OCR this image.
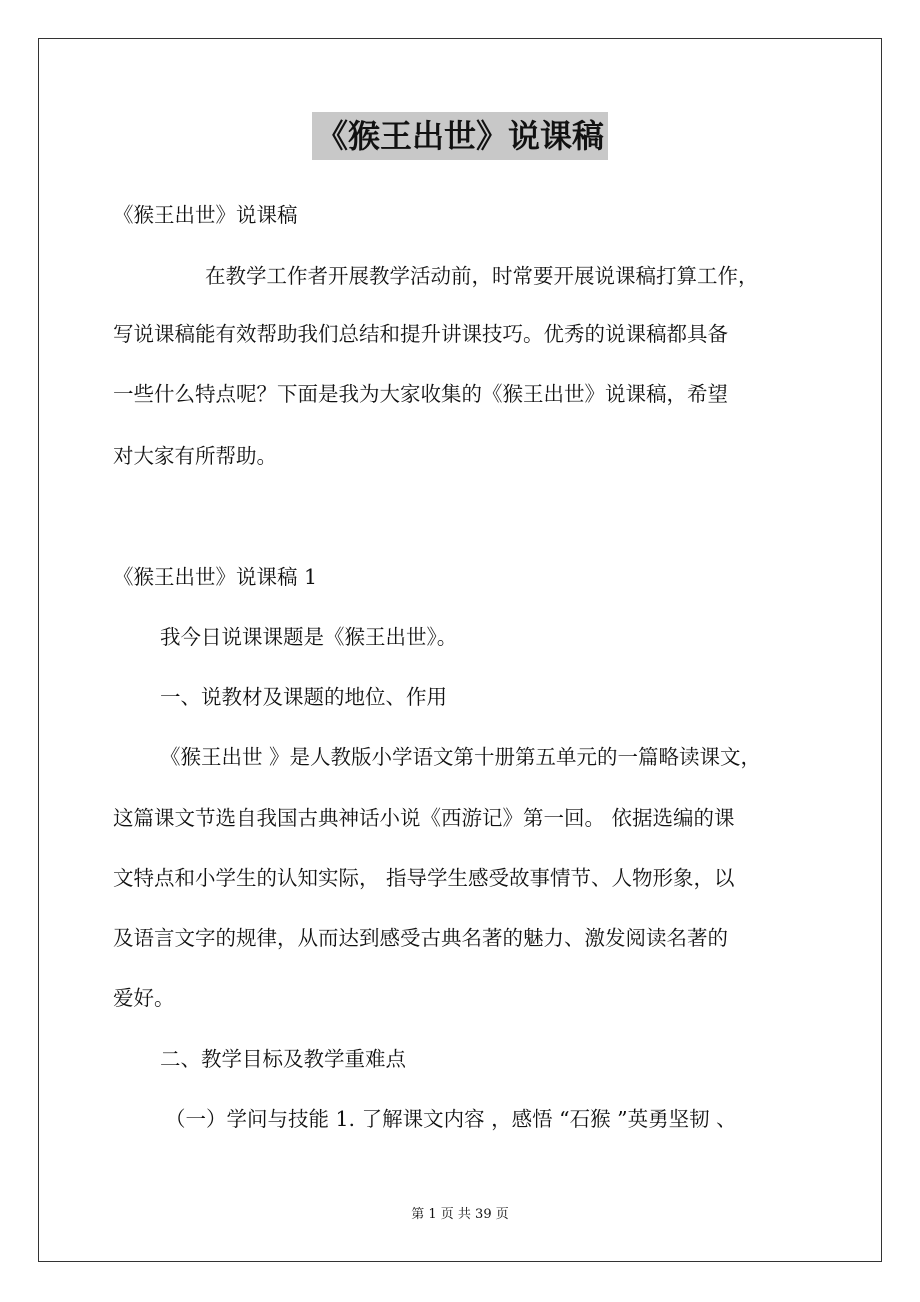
《猴王出世》说课稿
《猴王出世》说课稿
在教学工作者开展教学活动前，时常要开展说课稿打算工作，
写说课稿能有效帮助我们总结和提升讲课技巧。优秀的说课稿都具备
一些什么特点呢？下面是我为大家收集的《猴王出世》说课稿，希望
对大家有所帮助。
《猴王出世》说课稿 1
我今日说课课题是《猴王出世》。
一、说教材及课题的地位、作用
《猴王出世 》是人教版小学语文第十册第五单元的一篇略读课文，
这篇课文节选自我国古典神话小说《西游记》第一回。 依据选编的课
文特点和小学生的认知实际， 指导学生感受故事情节、人物形象，以
及语言文字的规律，从而达到感受古典名著的魅力、激发阅读名著的
爱好。
二、教学目标及教学重难点
（一）学问与技能 1. 了解课文内容 ，感悟 “石猴 ”英勇坚韧 、
第 1 页 共 39 页
